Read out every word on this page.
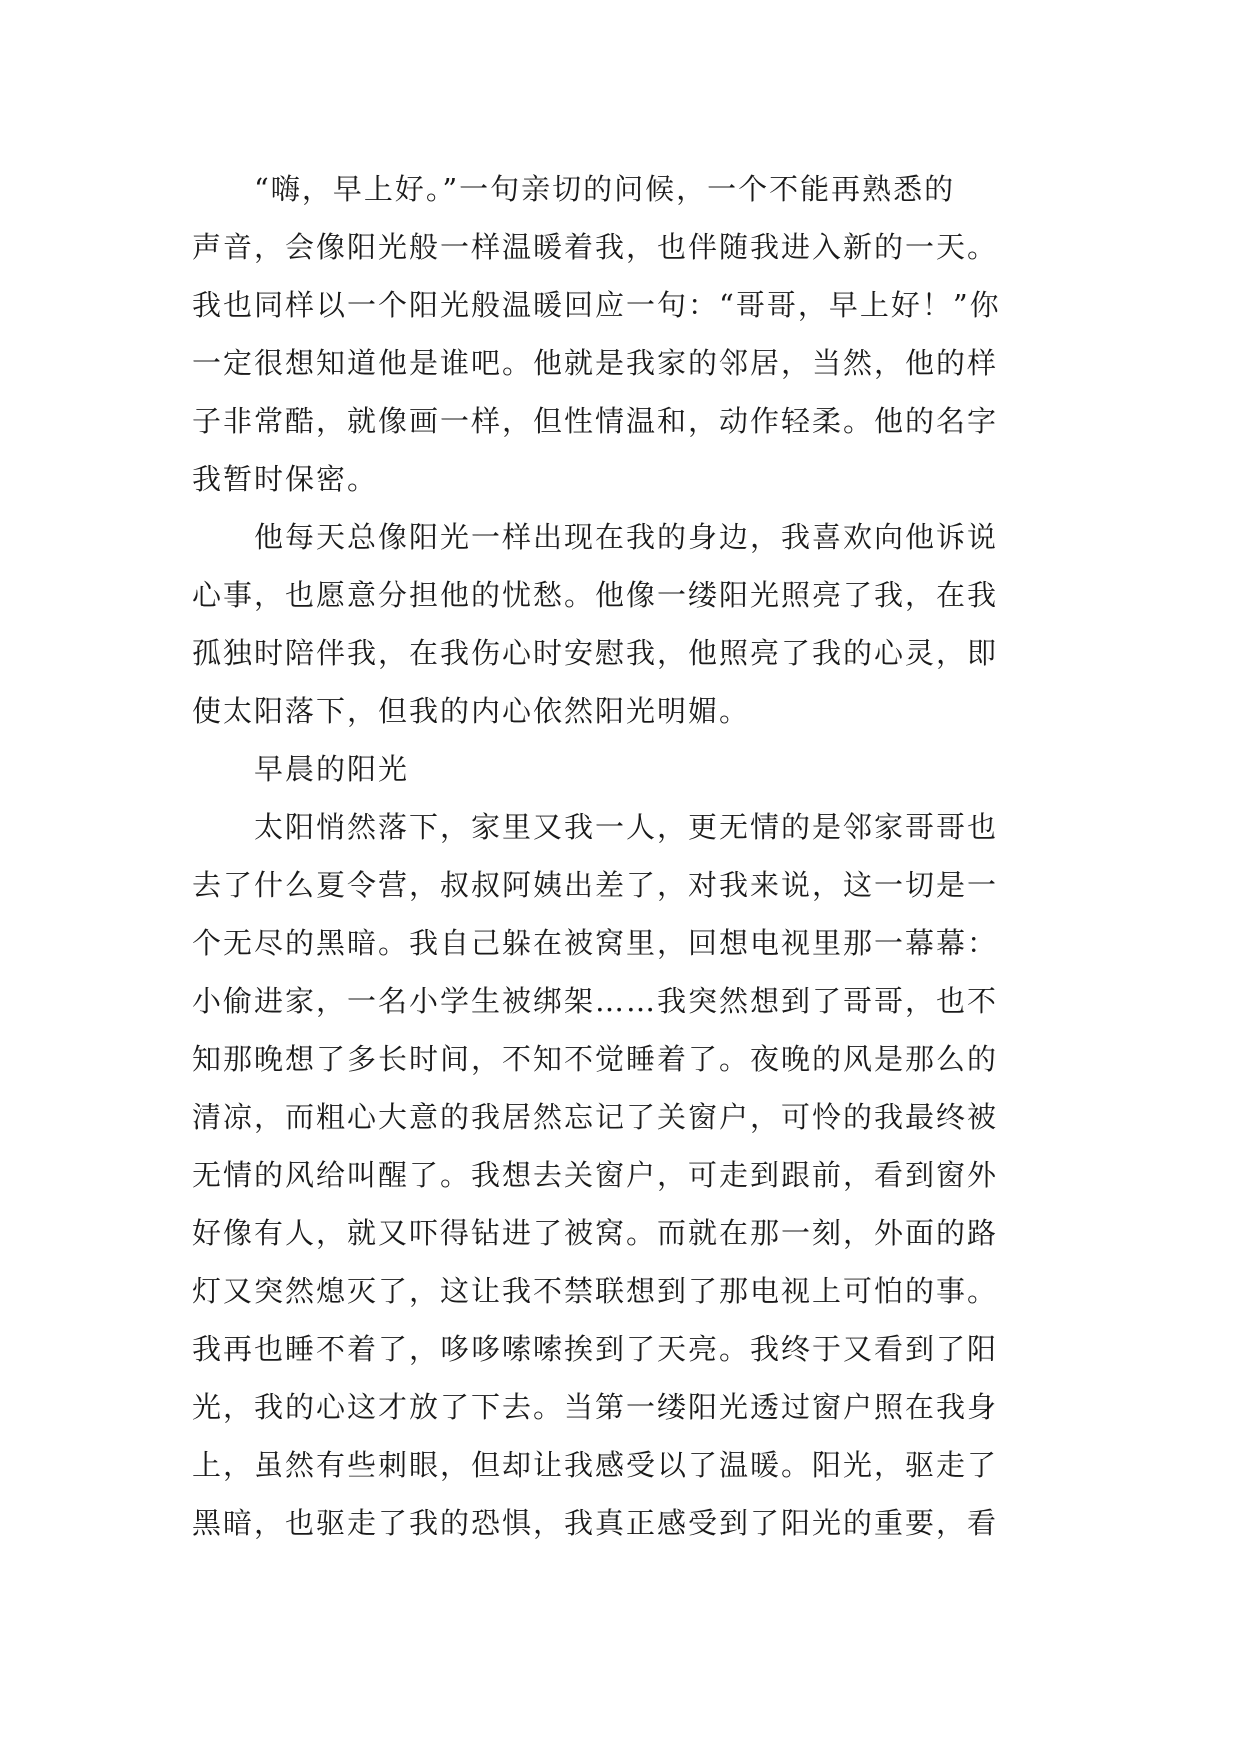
“嗨，早上好。”一句亲切的问候，一个不能再熟悉的
声音，会像阳光般一样温暖着我，也伴随我进入新的一天。
我也同样以一个阳光般温暖回应一句：“哥哥，早上好！”你
一定很想知道他是谁吧。他就是我家的邻居，当然，他的样
子非常酷，就像画一样，但性情温和，动作轻柔。他的名字
我暂时保密。
他每天总像阳光一样出现在我的身边，我喜欢向他诉说
心事，也愿意分担他的忧愁。他像一缕阳光照亮了我，在我
孤独时陪伴我，在我伤心时安慰我，他照亮了我的心灵，即
使太阳落下，但我的内心依然阳光明媚。
早晨的阳光
太阳悄然落下，家里又我一人，更无情的是邻家哥哥也
去了什么夏令营，叔叔阿姨出差了，对我来说，这一切是一
个无尽的黑暗。我自己躲在被窝里，回想电视里那一幕幕：
小偷进家，一名小学生被绑架……我突然想到了哥哥，也不
知那晚想了多长时间，不知不觉睡着了。夜晚的风是那么的
清凉，而粗心大意的我居然忘记了关窗户，可怜的我最终被
无情的风给叫醒了。我想去关窗户，可走到跟前，看到窗外
好像有人，就又吓得钻进了被窝。而就在那一刻，外面的路
灯又突然熄灭了，这让我不禁联想到了那电视上可怕的事。
我再也睡不着了，哆哆嗦嗦挨到了天亮。我终于又看到了阳
光，我的心这才放了下去。当第一缕阳光透过窗户照在我身
上，虽然有些刺眼，但却让我感受以了温暖。阳光，驱走了
黑暗，也驱走了我的恐惧，我真正感受到了阳光的重要，看
